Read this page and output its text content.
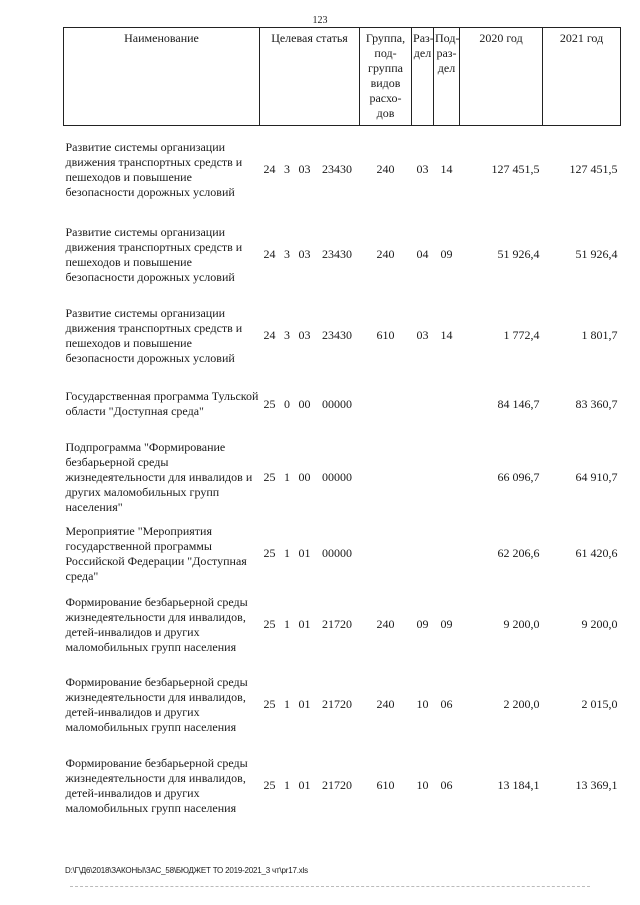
123
Наименование	Целевая статья				Группа, под-группа видов расхо-дов	Раз-дел	Под-раз-дел	2020 год	2021 год
Развитие системы организации движения транспортных средств и пешеходов и повышение безопасности дорожных условий	24	3	03	23430	240	03	14	127 451,5	127 451,5
Развитие системы организации движения транспортных средств и пешеходов и повышение безопасности дорожных условий	24	3	03	23430	240	04	09	51 926,4	51 926,4
Развитие системы организации движения транспортных средств и пешеходов и повышение безопасности дорожных условий	24	3	03	23430	610	03	14	1 772,4	1 801,7
Государственная программа Тульской области "Доступная среда"	25	0	00	00000				84 146,7	83 360,7
Подпрограмма "Формирование безбарьерной среды жизнедеятельности для инвалидов и других маломобильных групп населения"	25	1	00	00000				66 096,7	64 910,7
Мероприятие "Мероприятия государственной программы Российской Федерации "Доступная среда"	25	1	01	00000				62 206,6	61 420,6
Формирование безбарьерной среды жизнедеятельности для инвалидов, детей-инвалидов и других маломобильных групп населения	25	1	01	21720	240	09	09	9 200,0	9 200,0
Формирование безбарьерной среды жизнедеятельности для инвалидов, детей-инвалидов и других маломобильных групп населения	25	1	01	21720	240	10	06	2 200,0	2 015,0
Формирование безбарьерной среды жизнедеятельности для инвалидов, детей-инвалидов и других маломобильных групп населения	25	1	01	21720	610	10	06	13 184,1	13 369,1
D:\Г\Д6\2018\ЗАКОНЫ\ЗАС_58\БЮДЖЕТ ТО 2019-2021_3 чт\pr17.xls
